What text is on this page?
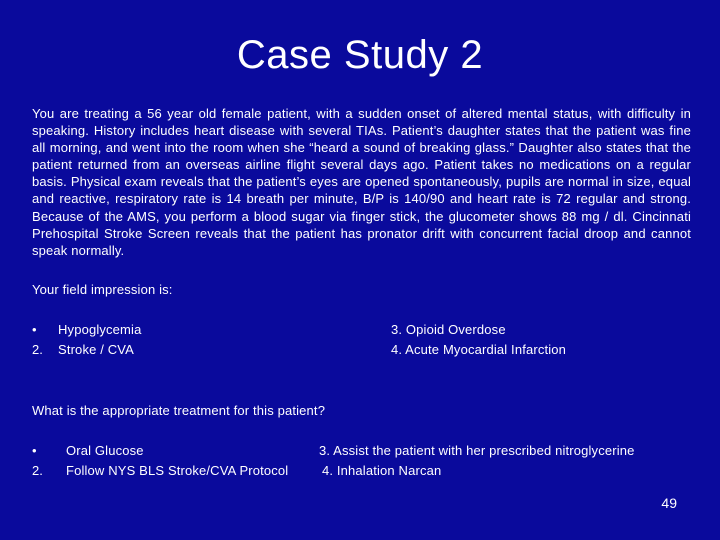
Case Study 2

You are treating a 56 year old female patient, with a sudden onset of altered mental status, with difficulty in speaking. History includes heart disease with several TIAs. Patient’s daughter states that the patient was fine all morning, and went into the room when she “heard a sound of breaking glass.” Daughter also states that the patient returned from an overseas airline flight several days ago. Patient takes no medications on a regular basis. Physical exam reveals that the patient’s eyes are opened spontaneously, pupils are normal in size, equal and reactive, respiratory rate is 14 breath per minute, B/P is 140/90 and heart rate is 72 regular and strong. Because of the AMS, you perform a blood sugar via finger stick, the glucometer shows 88 mg / dl. Cincinnati Prehospital Stroke Screen reveals that the patient has pronator drift with concurrent facial droop and cannot speak normally.

Your field impression is:

• Hypoglycemia
2. Stroke / CVA
3. Opioid Overdose
4. Acute Myocardial Infarction

What is the appropriate treatment for this patient?

• Oral Glucose
2. Follow NYS BLS Stroke/CVA Protocol
3. Assist the patient with her prescribed nitroglycerine
4. Inhalation Narcan
49
